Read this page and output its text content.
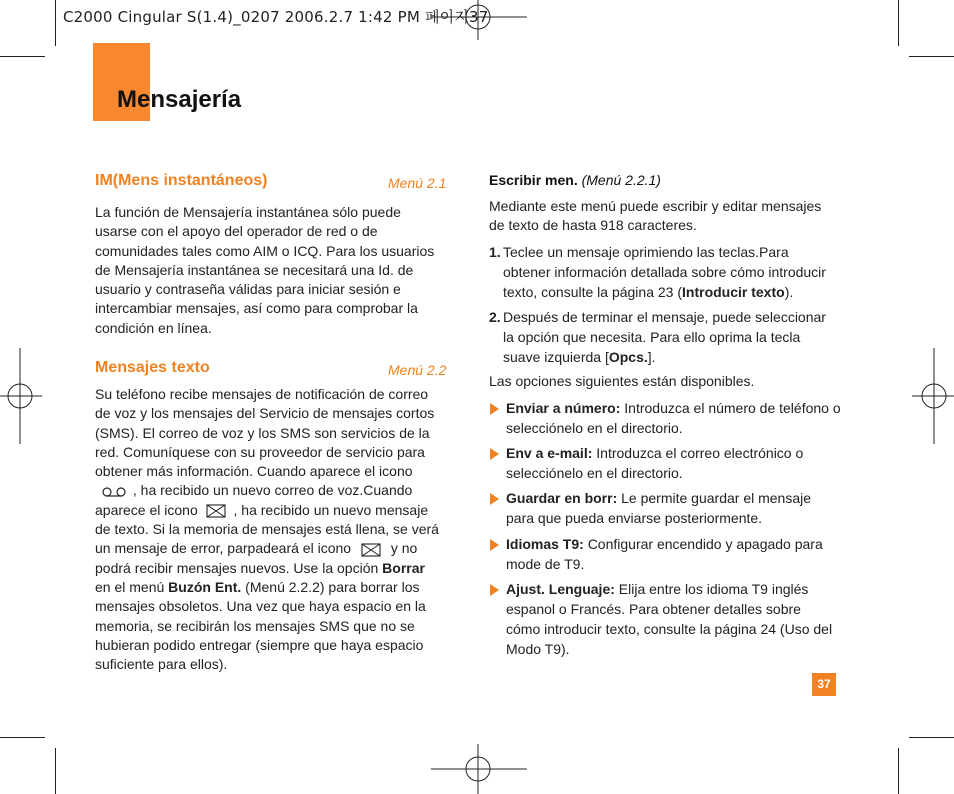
C2000 Cingular S(1.4)_0207 2006.2.7 1:42 PM 페이지37
Mensajería
IM(Mens instantáneos)	Menú 2.1
La función de Mensajería instantánea sólo puede
usarse con el apoyo del operador de red o de
comunidades tales como AIM o ICQ. Para los usuarios
de Mensajería instantánea se necesitará una Id. de
usuario y contraseña válidas para iniciar sesión e
intercambiar mensajes, así como para comprobar la
condición en línea.
Mensajes texto	Menú 2.2
Su teléfono recibe mensajes de notificación de correo
de voz y los mensajes del Servicio de mensajes cortos
(SMS). El correo de voz y los SMS son servicios de la
red. Comuníquese con su proveedor de servicio para
obtener más información. Cuando aparece el icono
, ha recibido un nuevo correo de voz.Cuando
aparece el icono	, ha recibido un nuevo mensaje
de texto. Si la memoria de mensajes está llena, se verá
un mensaje de error, parpadeará el icono	y no
podrá recibir mensajes nuevos. Use la opción Borrar
en el menú Buzón Ent. (Menú 2.2.2) para borrar los
mensajes obsoletos. Una vez que haya espacio en la
memoria, se recibirán los mensajes SMS que no se
hubieran podido entregar (siempre que haya espacio
suficiente para ellos).
Escribir men. (Menú 2.2.1)
Mediante este menú puede escribir y editar mensajes
de texto de hasta 918 caracteres.
1. Teclee un mensaje oprimiendo las teclas.Para
obtener información detallada sobre cómo introducir
texto, consulte la página 23 (Introducir texto).
2. Después de terminar el mensaje, puede seleccionar
la opción que necesita. Para ello oprima la tecla
suave izquierda [Opcs.].
Las opciones siguientes están disponibles.
Enviar a número: Introduzca el número de teléfono o
selecciónelo en el directorio.
Env a e-mail: Introduzca el correo electrónico o
selecciónelo en el directorio.
Guardar en borr: Le permite guardar el mensaje
para que pueda enviarse posteriormente.
Idiomas T9: Configurar encendido y apagado para
mode de T9.
Ajust. Lenguaje: Elija entre los idioma T9 inglés
espanol o Francés. Para obtener detalles sobre
cómo introducir texto, consulte la página 24 (Uso del
Modo T9).
37
